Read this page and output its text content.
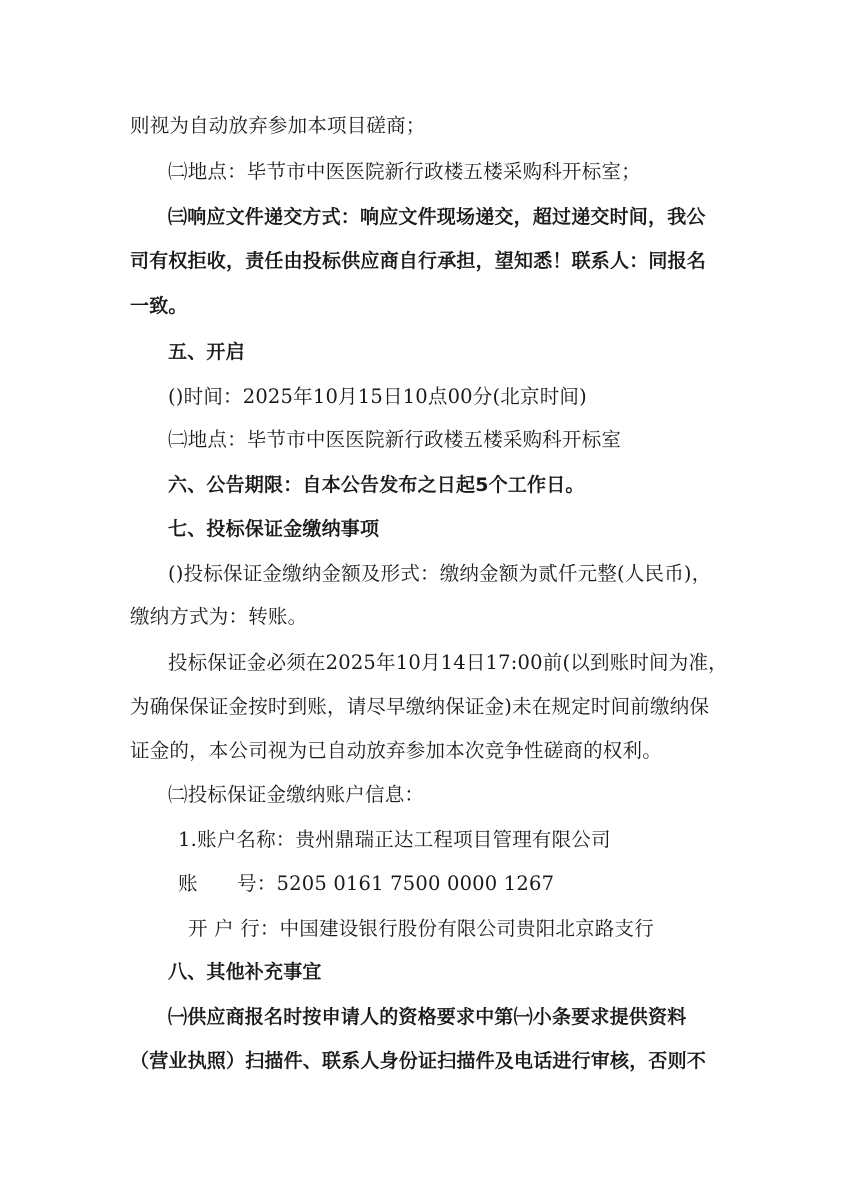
则视为自动放弃参加本项目磋商；
㈡地点：毕节市中医医院新行政楼五楼采购科开标室；
㈢响应文件递交方式：响应文件现场递交，超过递交时间，我公
司有权拒收，责任由投标供应商自行承担，望知悉！联系人：同报名
一致。
五、开启
()时间：2025年10月15日10点00分(北京时间)
㈡地点：毕节市中医医院新行政楼五楼采购科开标室
六、公告期限：自本公告发布之日起5个工作日。
七、投标保证金缴纳事项
()投标保证金缴纳金额及形式：缴纳金额为贰仟元整(人民币)，
缴纳方式为：转账。
投标保证金必须在2025年10月14日17:00前(以到账时间为准，
为确保保证金按时到账，请尽早缴纳保证金)未在规定时间前缴纳保
证金的，本公司视为已自动放弃参加本次竞争性磋商的权利。
㈡投标保证金缴纳账户信息：
1.账户名称：贵州鼎瑞正达工程项目管理有限公司
账　　号：5205 0161 7500 0000 1267
开 户 行：中国建设银行股份有限公司贵阳北京路支行
八、其他补充事宜
㈠供应商报名时按申请人的资格要求中第㈠小条要求提供资料
（营业执照）扫描件、联系人身份证扫描件及电话进行审核，否则不
